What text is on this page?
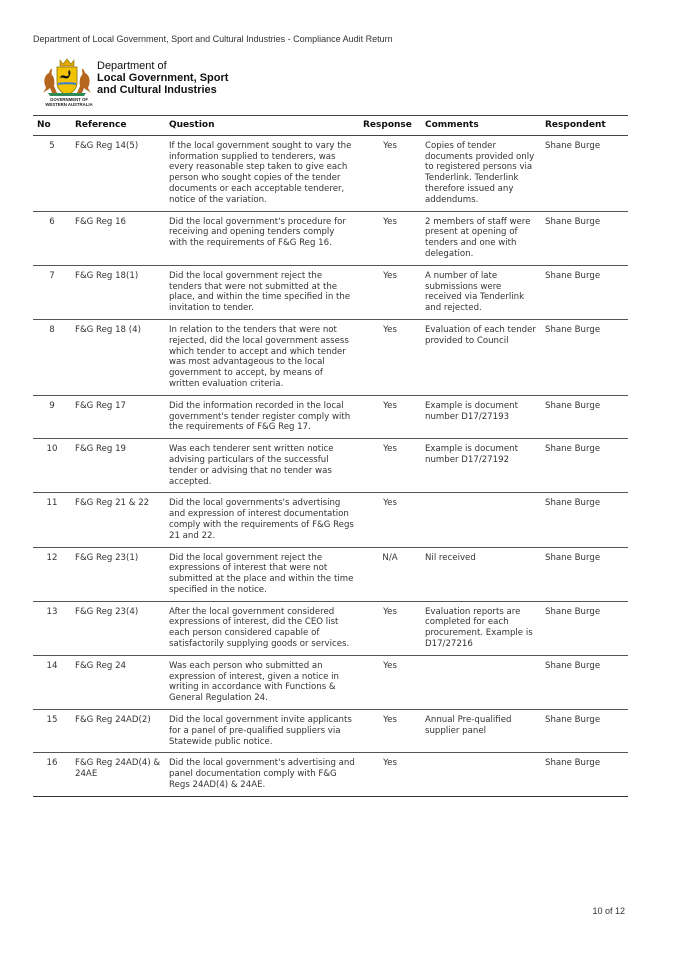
Department of Local Government, Sport and Cultural Industries - Compliance Audit Return
GOVERNMENT OF
WESTERN AUSTRALIA
Department of
Local Government, Sport
and Cultural Industries
No	Reference	Question	Response	Comments	Respondent
5	F&G Reg 14(5)	If the local government sought to vary the information supplied to tenderers, was every reasonable step taken to give each person who sought copies of the tender documents or each acceptable tenderer, notice of the variation.	Yes	Copies of tender documents provided only to registered persons via Tenderlink. Tenderlink therefore issued any addendums.	Shane Burge
6	F&G Reg 16	Did the local government's procedure for receiving and opening tenders comply with the requirements of F&G Reg 16.	Yes	2 members of staff were present at opening of tenders and one with delegation.	Shane Burge
7	F&G Reg 18(1)	Did the local government reject the tenders that were not submitted at the place, and within the time specified in the invitation to tender.	Yes	A number of late submissions were received via Tenderlink and rejected.	Shane Burge
8	F&G Reg 18 (4)	In relation to the tenders that were not rejected, did the local government assess which tender to accept and which tender was most advantageous to the local government to accept, by means of written evaluation criteria.	Yes	Evaluation of each tender provided to Council	Shane Burge
9	F&G Reg 17	Did the information recorded in the local government's tender register comply with the requirements of F&G Reg 17.	Yes	Example is document number D17/27193	Shane Burge
10	F&G Reg 19	Was each tenderer sent written notice advising particulars of the successful tender or advising that no tender was accepted.	Yes	Example is document number D17/27192	Shane Burge
11	F&G Reg 21 & 22	Did the local governments's advertising and expression of interest documentation comply with the requirements of F&G Regs 21 and 22.	Yes		Shane Burge
12	F&G Reg 23(1)	Did the local government reject the expressions of interest that were not submitted at the place and within the time specified in the notice.	N/A	Nil received	Shane Burge
13	F&G Reg 23(4)	After the local government considered expressions of interest, did the CEO list each person considered capable of satisfactorily supplying goods or services.	Yes	Evaluation reports are completed for each procurement. Example is D17/27216	Shane Burge
14	F&G Reg 24	Was each person who submitted an expression of interest, given a notice in writing in accordance with Functions & General Regulation 24.	Yes		Shane Burge
15	F&G Reg 24AD(2)	Did the local government invite applicants for a panel of pre-qualified suppliers via Statewide public notice.	Yes	Annual Pre-qualified supplier panel	Shane Burge
16	F&G Reg 24AD(4) & 24AE	Did the local government's advertising and panel documentation comply with F&G Regs 24AD(4) & 24AE.	Yes		Shane Burge
10 of 12
